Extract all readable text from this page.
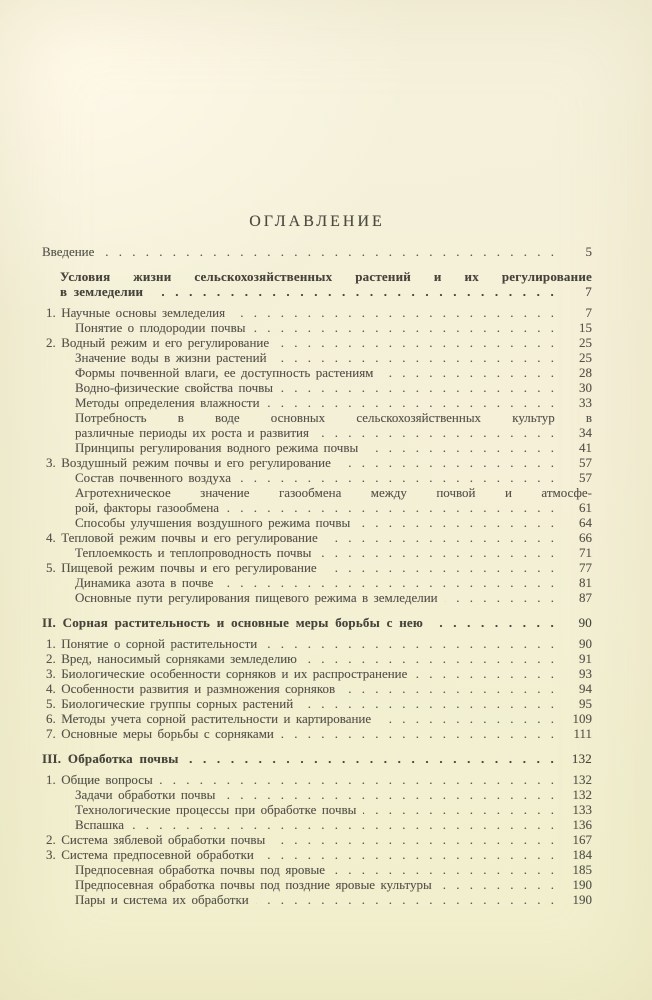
ОГЛАВЛЕНИЕ
Введение . . .	5
Условия жизни сельскохозяйственных растений и их регулирование
в земледелии . . .	7
1. Научные основы земледелия . . .	7
Понятие о плодородии почвы . . .	15
2. Водный режим и его регулирование . . .	25
Значение воды в жизни растений . . .	25
Формы почвенной влаги, ее доступность растениям . . .	28
Водно-физические свойства почвы . . .	30
Методы определения влажности . . .	33
Потребность в воде основных сельскохозяйственных культур в
различные периоды их роста и развития . . .	34
Принципы регулирования водного режима почвы . . .	41
3. Воздушный режим почвы и его регулирование . . .	57
Состав почвенного воздуха . . .	57
Агротехническое значение газообмена между почвой и атмосфе-
рой, факторы газообмена . . .	61
Способы улучшения воздушного режима почвы . . .	64
4. Тепловой режим почвы и его регулирование . . .	66
Теплоемкость и теплопроводность почвы . . .	71
5. Пищевой режим почвы и его регулирование . . .	77
Динамика азота в почве . . .	81
Основные пути регулирования пищевого режима в земледелии . . .	87
II. Сорная растительность и основные меры борьбы с нею . . .	90
1. Понятие о сорной растительности . . .	90
2. Вред, наносимый сорняками земледелию . . .	91
3. Биологические особенности сорняков и их распространение . . .	93
4. Особенности развития и размножения сорняков . . .	94
5. Биологические группы сорных растений . . .	95
6. Методы учета сорной растительности и картирование . . .	109
7. Основные меры борьбы с сорняками . . .	111
III. Обработка почвы . . .	132
1. Общие вопросы . . .	132
Задачи обработки почвы . . .	132
Технологические процессы при обработке почвы . . .	133
Вспашка . . .	136
2. Система зяблевой обработки почвы . . .	167
3. Система предпосевной обработки . . .	184
Предпосевная обработка почвы под яровые . . .	185
Предпосевная обработка почвы под поздние яровые культуры . . .	190
Пары и система их обработки . . .	190
